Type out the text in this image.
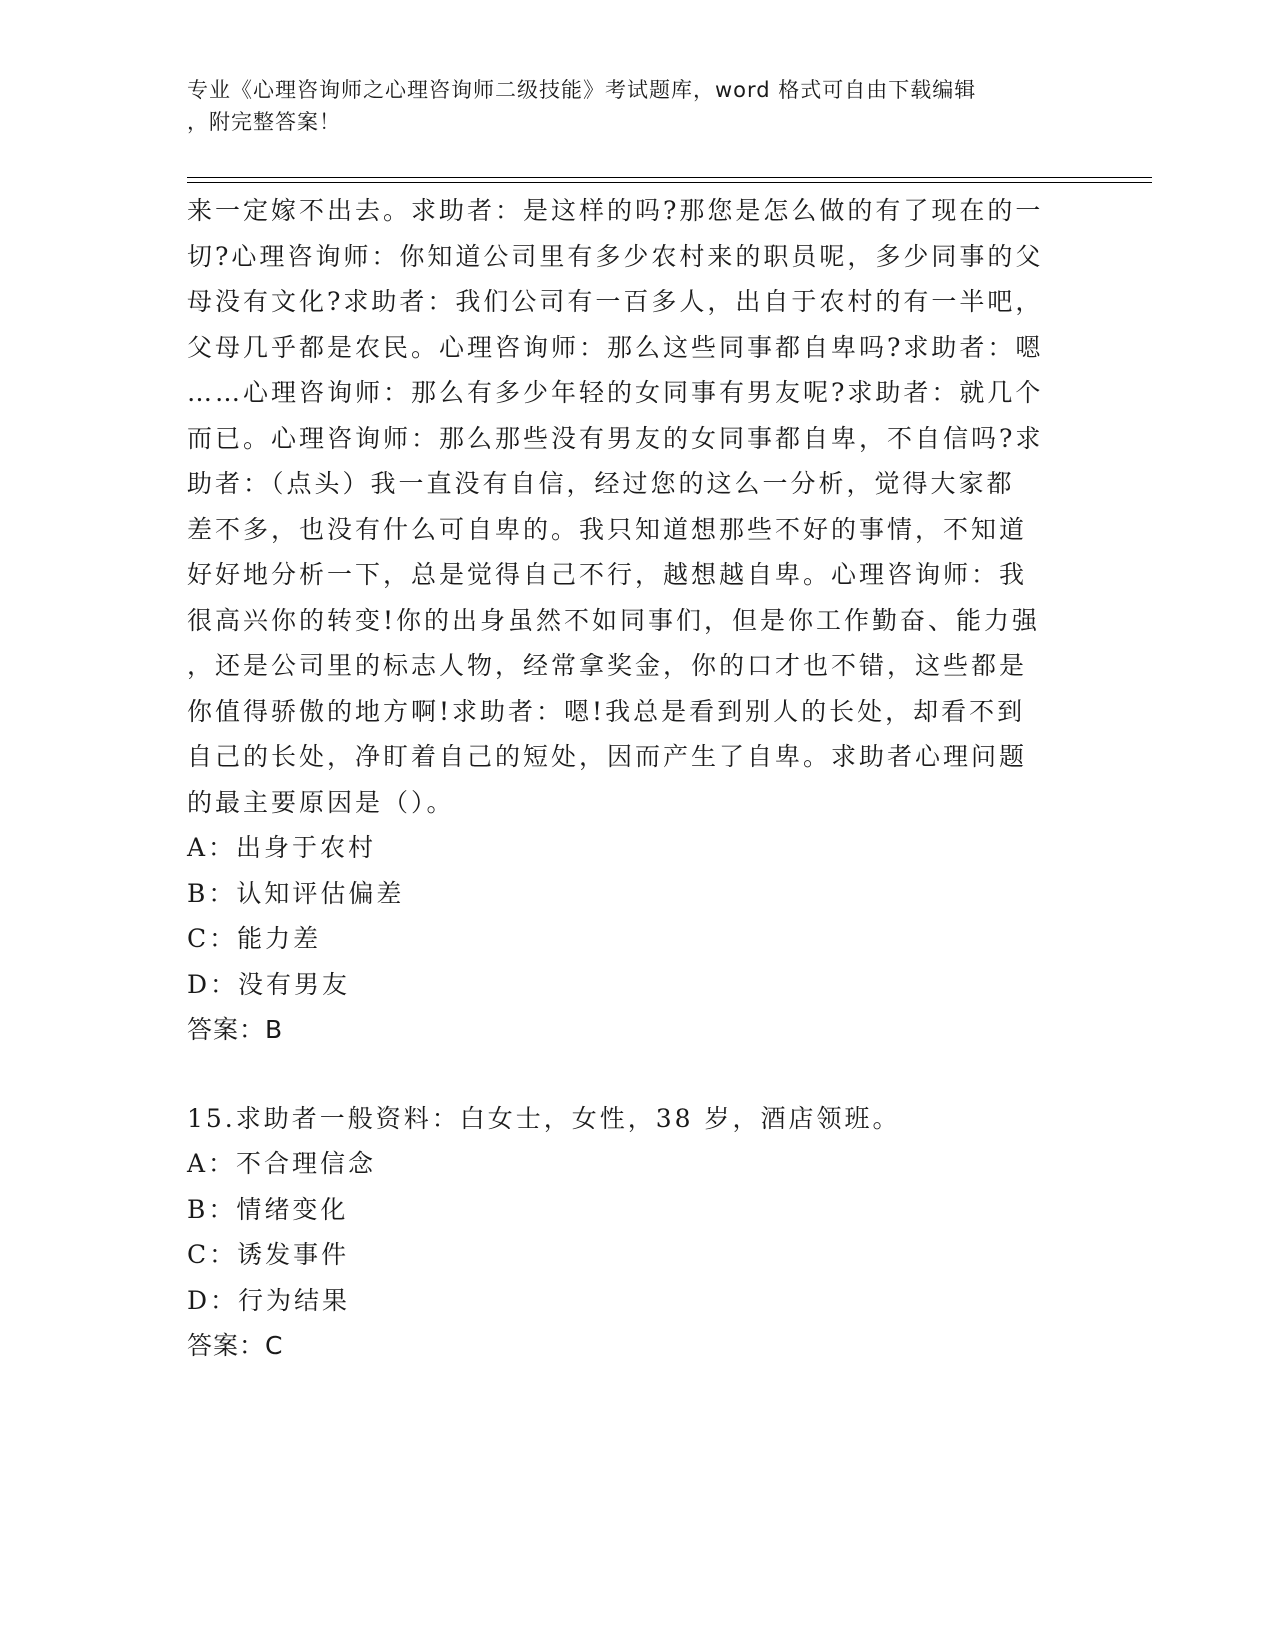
专业《心理咨询师之心理咨询师二级技能》考试题库，word 格式可自由下载编辑
，附完整答案！
来一定嫁不出去。求助者：是这样的吗?那您是怎么做的有了现在的一
切?心理咨询师：你知道公司里有多少农村来的职员呢，多少同事的父
母没有文化?求助者：我们公司有一百多人，出自于农村的有一半吧，
父母几乎都是农民。心理咨询师：那么这些同事都自卑吗?求助者：嗯
……心理咨询师：那么有多少年轻的女同事有男友呢?求助者：就几个
而已。心理咨询师：那么那些没有男友的女同事都自卑，不自信吗?求
助者：（点头）我一直没有自信，经过您的这么一分析，觉得大家都
差不多，也没有什么可自卑的。我只知道想那些不好的事情，不知道
好好地分析一下，总是觉得自己不行，越想越自卑。心理咨询师：我
很高兴你的转变!你的出身虽然不如同事们，但是你工作勤奋、能力强
，还是公司里的标志人物，经常拿奖金，你的口才也不错，这些都是
你值得骄傲的地方啊!求助者：嗯!我总是看到别人的长处，却看不到
自己的长处，净盯着自己的短处，因而产生了自卑。求助者心理问题
的最主要原因是（）。
A：出身于农村
B：认知评估偏差
C：能力差
D：没有男友
答案：B
15.求助者一般资料：白女士，女性，38 岁，酒店领班。
A：不合理信念
B：情绪变化
C：诱发事件
D：行为结果
答案：C
